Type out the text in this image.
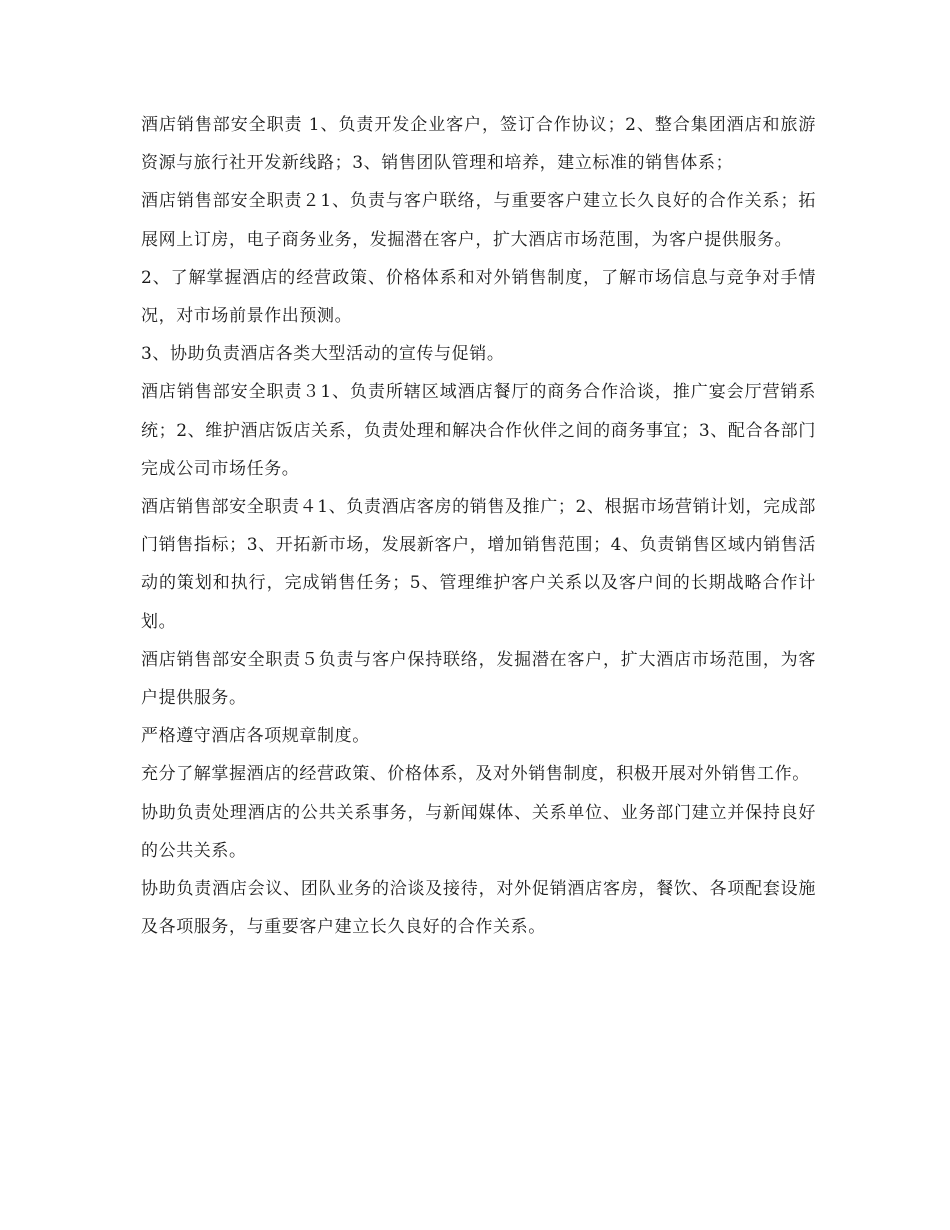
酒店销售部安全职责 1、负责开发企业客户，签订合作协议；2、整合集团酒店和旅游资源与旅行社开发新线路；3、销售团队管理和培养，建立标准的销售体系；

酒店销售部安全职责２1、负责与客户联络，与重要客户建立长久良好的合作关系；拓展网上订房，电子商务业务，发掘潜在客户，扩大酒店市场范围，为客户提供服务。

2、了解掌握酒店的经营政策、价格体系和对外销售制度，了解市场信息与竞争对手情况，对市场前景作出预测。

3、协助负责酒店各类大型活动的宣传与促销。

酒店销售部安全职责３1、负责所辖区域酒店餐厅的商务合作洽谈，推广宴会厅营销系统；2、维护酒店饭店关系，负责处理和解决合作伙伴之间的商务事宜；3、配合各部门完成公司市场任务。

酒店销售部安全职责４1、负责酒店客房的销售及推广；2、根据市场营销计划，完成部门销售指标；3、开拓新市场，发展新客户，增加销售范围；4、负责销售区域内销售活动的策划和执行，完成销售任务；5、管理维护客户关系以及客户间的长期战略合作计划。

酒店销售部安全职责５负责与客户保持联络，发掘潜在客户，扩大酒店市场范围，为客户提供服务。

严格遵守酒店各项规章制度。

充分了解掌握酒店的经营政策、价格体系，及对外销售制度，积极开展对外销售工作。

协助负责处理酒店的公共关系事务，与新闻媒体、关系单位、业务部门建立并保持良好的公共关系。

协助负责酒店会议、团队业务的洽谈及接待，对外促销酒店客房，餐饮、各项配套设施及各项服务，与重要客户建立长久良好的合作关系。
